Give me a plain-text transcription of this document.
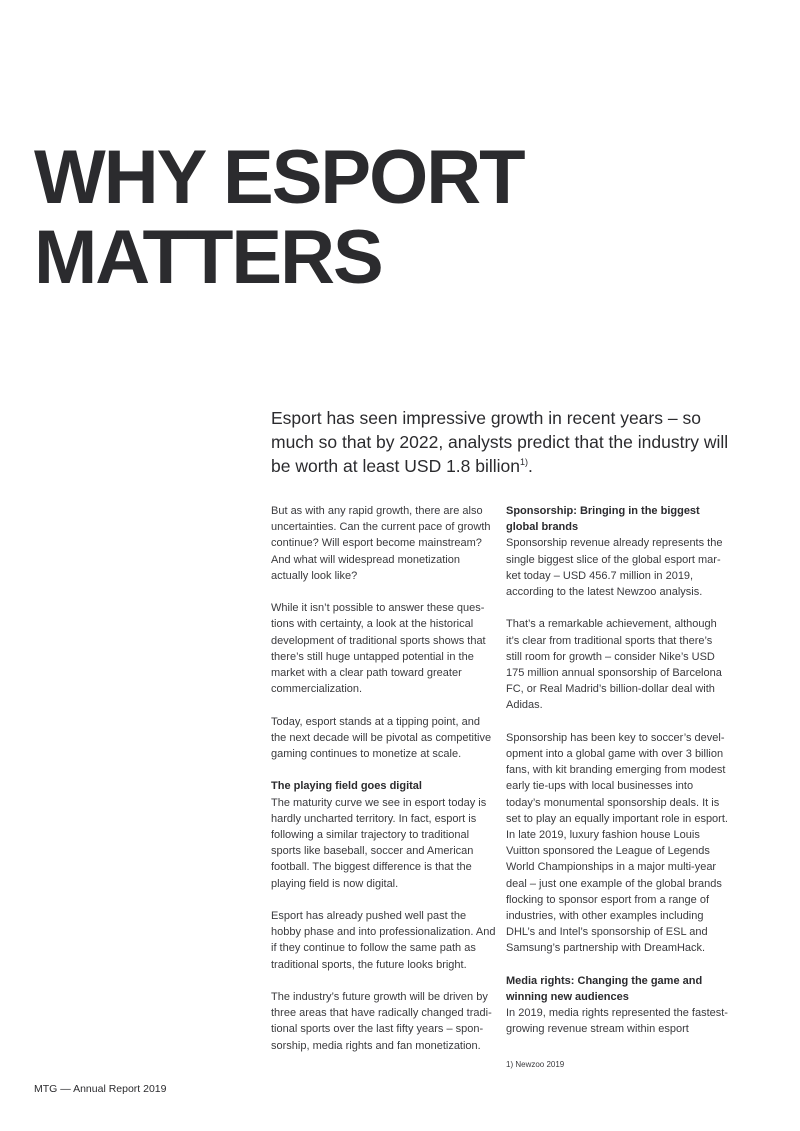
WHY ESPORT
MATTERS

Esport has seen impressive growth in recent years – so much so that by 2022, analysts predict that the industry will be worth at least USD 1.8 billion$^{1)}$.

But as with any rapid growth, there are also uncertainties. Can the current pace of growth continue? Will esport become mainstream? And what will widespread monetization actually look like?

While it isn’t possible to answer these questions with certainty, a look at the historical development of traditional sports shows that there’s still huge untapped potential in the market with a clear path toward greater commercialization.

Today, esport stands at a tipping point, and the next decade will be pivotal as competitive gaming continues to monetize at scale.

The playing field goes digital
The maturity curve we see in esport today is hardly uncharted territory. In fact, esport is following a similar trajectory to traditional sports like baseball, soccer and American football. The biggest difference is that the playing field is now digital.

Esport has already pushed well past the hobby phase and into professionalization. And if they continue to follow the same path as traditional sports, the future looks bright.

The industry’s future growth will be driven by three areas that have radically changed traditional sports over the last fifty years – sponsorship, media rights and fan monetization.

Sponsorship: Bringing in the biggest global brands
Sponsorship revenue already represents the single biggest slice of the global esport market today – USD 456.7 million in 2019, according to the latest Newzoo analysis.

That’s a remarkable achievement, although it’s clear from traditional sports that there’s still room for growth – consider Nike’s USD 175 million annual sponsorship of Barcelona FC, or Real Madrid’s billion-dollar deal with Adidas.

Sponsorship has been key to soccer’s development into a global game with over 3 billion fans, with kit branding emerging from modest early tie-ups with local businesses into today’s monumental sponsorship deals. It is set to play an equally important role in esport. In late 2019, luxury fashion house Louis Vuitton sponsored the League of Legends World Championships in a major multi-year deal – just one example of the global brands flocking to sponsor esport from a range of industries, with other examples including DHL’s and Intel’s sponsorship of ESL and Samsung’s partnership with DreamHack.

Media rights: Changing the game and winning new audiences
In 2019, media rights represented the fastest-growing revenue stream within esport

1) Newzoo 2019
MTG — Annual Report 2019
